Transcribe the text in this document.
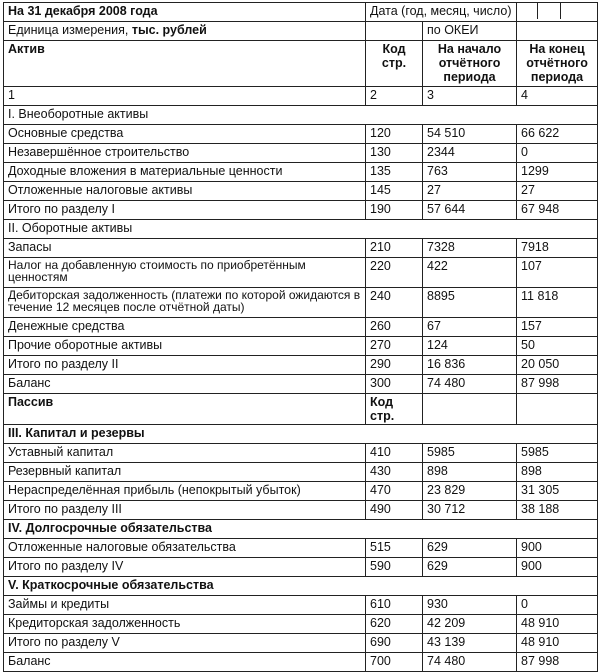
На 31 декабря 2008 года	Дата (год, месяц, число)		

Единица измерения, тыс. рублей		по ОКЕИ	
Актив	Код стр.	На начало отчётного периода	На конец отчётного периода
1	2	3	4
I. Внеоборотные активы			
Основные средства	120	54 510	66 622
Незавершённое строительство	130	2344	0
Доходные вложения в материальные ценности	135	763	1299
Отложенные налоговые активы	145	27	27
Итого по разделу I	190	57 644	67 948
II. Оборотные активы			
Запасы	210	7328	7918
Налог на добавленную стоимость по приобретённым ценностям	220	422	107
Дебиторская задолженность (платежи по которой ожидаются в течение 12 месяцев после отчётной даты)	240	8895	11 818
Денежные средства	260	67	157
Прочие оборотные активы	270	124	50
Итого по разделу II	290	16 836	20 050
Баланс	300	74 480	87 998
Пассив	Код стр.		
III. Капитал и резервы			
Уставный капитал	410	5985	5985
Резервный капитал	430	898	898
Нераспределённая прибыль (непокрытый убыток)	470	23 829	31 305
Итого по разделу III	490	30 712	38 188
IV. Долгосрочные обязательства			
Отложенные налоговые обязательства	515	629	900
Итого по разделу IV	590	629	900
V. Краткосрочные обязательства			
Займы и кредиты	610	930	0
Кредиторская задолженность	620	42 209	48 910
Итого по разделу V	690	43 139	48 910
Баланс	700	74 480	87 998
